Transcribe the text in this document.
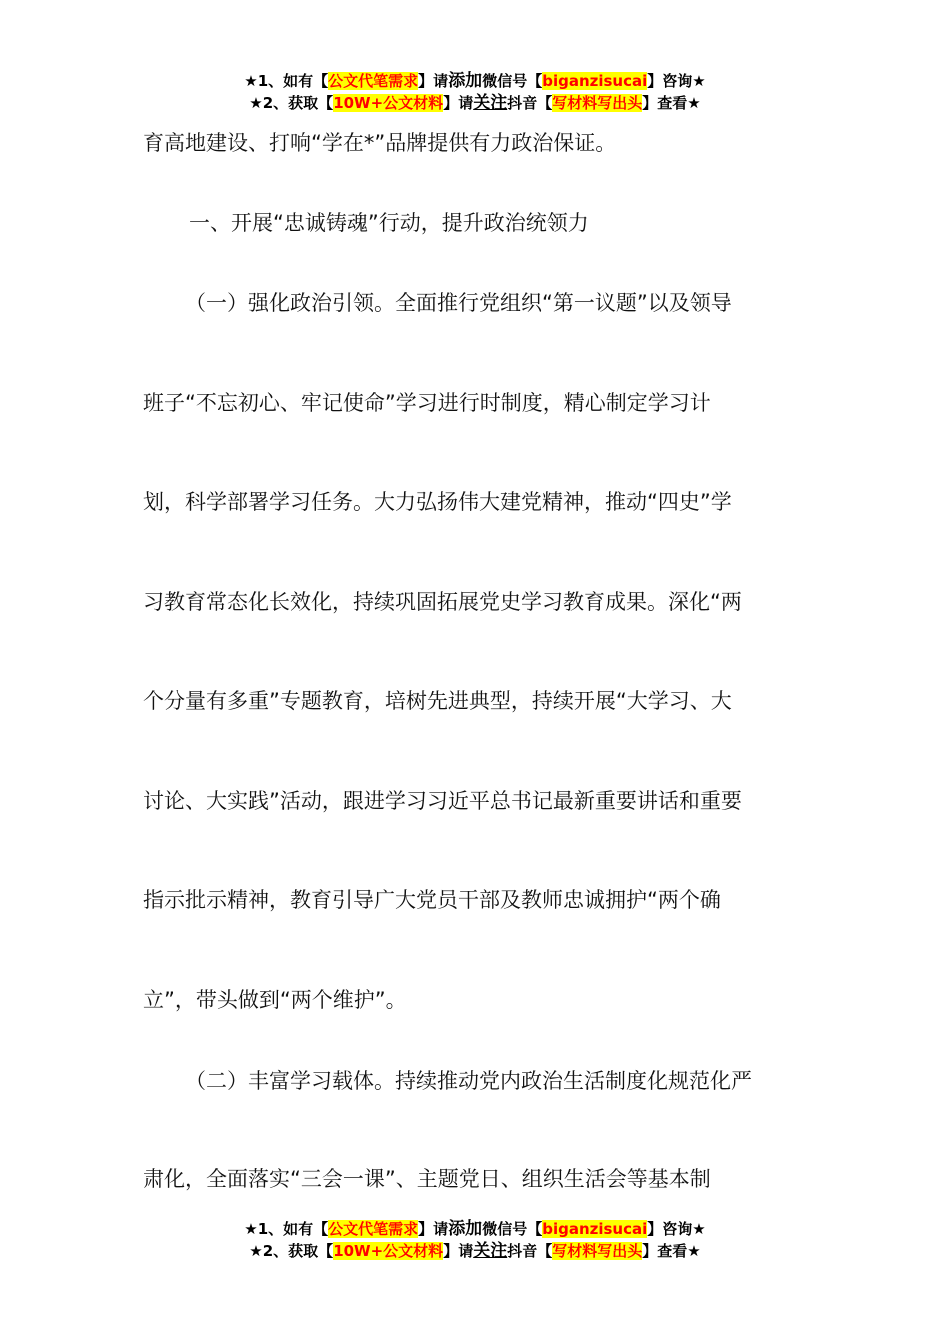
★1、如有【公文代笔需求】请添加微信号【biganzisucai】咨询★
★2、获取【10W+公文材料】请关注抖音【写材料写出头】查看★
育高地建设、打响“学在*”品牌提供有力政治保证。
一、开展“忠诚铸魂”行动，提升政治统领力
（一）强化政治引领。全面推行党组织“第一议题”以及领导
班子“不忘初心、牢记使命”学习进行时制度，精心制定学习计
划，科学部署学习任务。大力弘扬伟大建党精神，推动“四史”学
习教育常态化长效化，持续巩固拓展党史学习教育成果。深化“两
个分量有多重”专题教育，培树先进典型，持续开展“大学习、大
讨论、大实践”活动，跟进学习习近平总书记最新重要讲话和重要
指示批示精神，教育引导广大党员干部及教师忠诚拥护“两个确
立”，带头做到“两个维护”。
（二）丰富学习载体。持续推动党内政治生活制度化规范化严
肃化，全面落实“三会一课”、主题党日、组织生活会等基本制
★1、如有【公文代笔需求】请添加微信号【biganzisucai】咨询★
★2、获取【10W+公文材料】请关注抖音【写材料写出头】查看★
